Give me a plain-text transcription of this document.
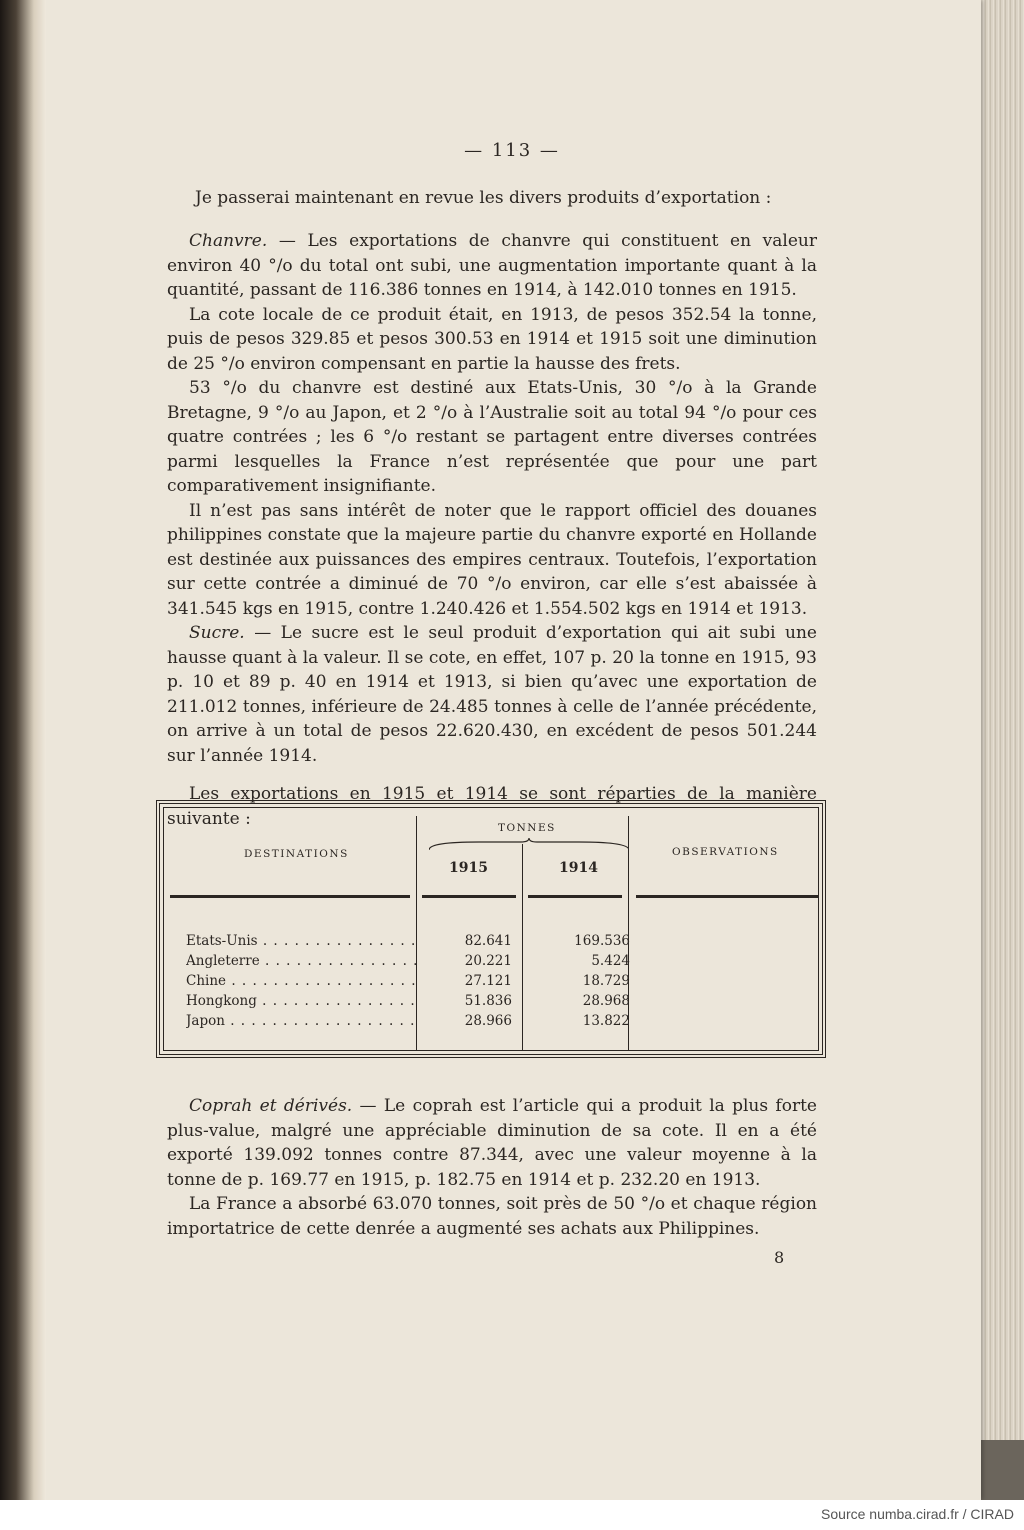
— 113 —
Je passerai maintenant en revue les divers produits d’exportation :

Chanvre. — Les exportations de chanvre qui constituent en valeur environ 40 °/o du total ont subi, une augmentation importante quant à la quantité, passant de 116.386 tonnes en 1914, à 142.010 tonnes en 1915.

La cote locale de ce produit était, en 1913, de pesos 352.54 la tonne, puis de pesos 329.85 et pesos 300.53 en 1914 et 1915 soit une diminution de 25 °/o environ compensant en partie la hausse des frets.

53 °/o du chanvre est destiné aux Etats-Unis, 30 °/o à la Grande Bretagne, 9 °/o au Japon, et 2 °/o à l’Australie soit au total 94 °/o pour ces quatre contrées ; les 6 °/o restant se partagent entre diverses contrées parmi lesquelles la France n’est représentée que pour une part comparativement insignifiante.

Il n’est pas sans intérêt de noter que le rapport officiel des douanes philippines constate que la majeure partie du chanvre exporté en Hollande est destinée aux puissances des empires centraux. Toutefois, l’exportation sur cette contrée a diminué de 70 °/o environ, car elle s’est abaissée à 341.545 kgs en 1915, contre 1.240.426 et 1.554.502 kgs en 1914 et 1913.

Sucre. — Le sucre est le seul produit d’exportation qui ait subi une hausse quant à la valeur. Il se cote, en effet, 107 p. 20 la tonne en 1915, 93 p. 10 et 89 p. 40 en 1914 et 1913, si bien qu’avec une exportation de 211.012 tonnes, inférieure de 24.485 tonnes à celle de l’année précédente, on arrive à un total de pesos 22.620.430, en excédent de pesos 501.244 sur l’année 1914.

Les exportations en 1915 et 1914 se sont réparties de la manière suivante :

DESTINATIONS
TONNES
1915	1914
OBSERVATIONS
Etats-Unis . . .	82.641	169.536
Angleterre . . .	20.221	5.424
Chine . . .	27.121	18.729
Hongkong . . .	51.836	28.968
Japon . . .	28.966	13.822

Coprah et dérivés. — Le coprah est l’article qui a produit la plus forte plus-value, malgré une appréciable diminution de sa cote. Il en a été exporté 139.092 tonnes contre 87.344, avec une valeur moyenne à la tonne de p. 169.77 en 1915, p. 182.75 en 1914 et p. 232.20 en 1913.

La France a absorbé 63.070 tonnes, soit près de 50 °/o et chaque région importatrice de cette denrée a augmenté ses achats aux Philippines.

8
Source numba.cirad.fr / CIRAD
